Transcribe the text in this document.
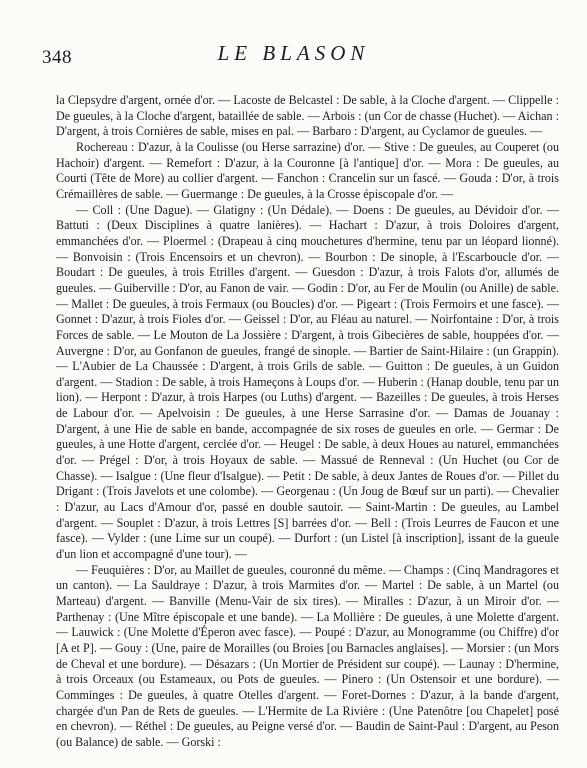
348	LE BLASON

la Clepsydre d'argent, ornée d'or. — Lacoste de Belcastel : De sable, à la Cloche d'argent. — Clippelle : De gueules, à la Cloche d'argent, bataillée de sable. — Arbois : (un Cor de chasse (Huchet). — Aichan : D'argent, à trois Cornières de sable, mises en pal. — Barbaro : D'argent, au Cyclamor de gueules. —

Rochereau : D'azur, à la Coulisse (ou Herse sarrazine) d'or. — Stive : De gueules, au Couperet (ou Hachoir) d'argent. — Remefort : D'azur, à la Couronne [à l'antique] d'or. — Mora : De gueules, au Courti (Tête de More) au collier d'argent. — Fanchon : Crancelin sur un fascé. — Gouda : D'or, à trois Crémaillères de sable. — Guermange : De gueules, à la Crosse épiscopale d'or. —

— Coll : (Une Dague). — Glatigny : (Un Dédale). — Doens : De gueules, au Dévidoir d'or. — Battuti : (Deux Disciplines à quatre lanières). — Hachart : D'azur, à trois Doloires d'argent, emmanchées d'or. — Ploermel : (Drapeau à cinq mouchetures d'hermine, tenu par un léopard lionné). — Bonvoisin : (Trois Encensoirs et un chevron). — Bourbon : De sinople, à l'Escarboucle d'or. — Boudart : De gueules, à trois Etrilles d'argent. — Guesdon : D'azur, à trois Falots d'or, allumés de gueules. — Guiberville : D'or, au Fanon de vair. — Godin : D'or, au Fer de Moulin (ou Anille) de sable. — Mallet : De gueules, à trois Fermaux (ou Boucles) d'or. — Pigeart : (Trois Fermoirs et une fasce). — Gonnet : D'azur, à trois Fioles d'or. — Geissel : D'or, au Fléau au naturel. — Noirfontaine : D'or, à trois Forces de sable. — Le Mouton de La Jossière : D'argent, à trois Gibecières de sable, houppées d'or. — Auvergne : D'or, au Gonfanon de gueules, frangé de sinople. — Bartier de Saint-Hilaire : (un Grappin). — L'Aubier de La Chaussée : D'argent, à trois Grils de sable. — Guitton : De gueules, à un Guidon d'argent. — Stadion : De sable, à trois Hameçons à Loups d'or. — Huberin : (Hanap double, tenu par un lion). — Herpont : D'azur, à trois Harpes (ou Luths) d'argent. — Bazeilles : De gueules, à trois Herses de Labour d'or. — Apelvoisin : De gueules, à une Herse Sarrasine d'or. — Damas de Jouanay : D'argent, à une Hie de sable en bande, accompagnée de six roses de gueules en orle. — Germar : De gueules, à une Hotte d'argent, cerclée d'or. — Heugel : De sable, à deux Houes au naturel, emmanchées d'or. — Prégel : D'or, à trois Hoyaux de sable. — Massué de Renneval : (Un Huchet (ou Cor de Chasse). — Isalgue : (Une fleur d'Isalgue). — Petit : De sable, à deux Jantes de Roues d'or. — Pillet du Drigant : (Trois Javelots et une colombe). — Georgenau : (Un Joug de Bœuf sur un parti). — Chevalier : D'azur, au Lacs d'Amour d'or, passé en double sautoir. — Saint-Martin : De gueules, au Lambel d'argent. — Souplet : D'azur, à trois Lettres [S] barrées d'or. — Bell : (Trois Leurres de Faucon et une fasce). — Vylder : (une Lime sur un coupé). — Durfort : (un Listel [à inscription], issant de la gueule d'un lion et accompagné d'une tour). —

— Feuquières : D'or, au Maillet de gueules, couronné du même. — Champs : (Cinq Mandragores et un canton). — La Sauldraye : D'azur, à trois Marmites d'or. — Martel : De sable, à un Martel (ou Marteau) d'argent. — Banville (Menu-Vair de six tires). — Miralles : D'azur, à un Miroir d'or. — Parthenay : (Une Mître épiscopale et une bande). — La Mollière : De gueules, à une Molette d'argent. — Lauwick : (Une Molette d'Éperon avec fasce). — Poupé : D'azur, au Monogramme (ou Chiffre) d'or [A et P]. — Gouy : (Une, paire de Morailles (ou Broies [ou Barnacles anglaises]. — Morsier : (un Mors de Cheval et une bordure). — Désazars : (Un Mortier de Président sur coupé). — Launay : D'hermine, à trois Orceaux (ou Estameaux, ou Pots de gueules. — Pinero : (Un Ostensoir et une bordure). — Comminges : De gueules, à quatre Otelles d'argent. — Foret-Dornes : D'azur, à la bande d'argent, chargée d'un Pan de Rets de gueules. — L'Hermite de La Rivière : (Une Patenôtre [ou Chapelet] posé en chevron). — Réthel : De gueules, au Peigne versé d'or. — Baudin de Saint-Paul : D'argent, au Peson (ou Balance) de sable. — Gorski :
